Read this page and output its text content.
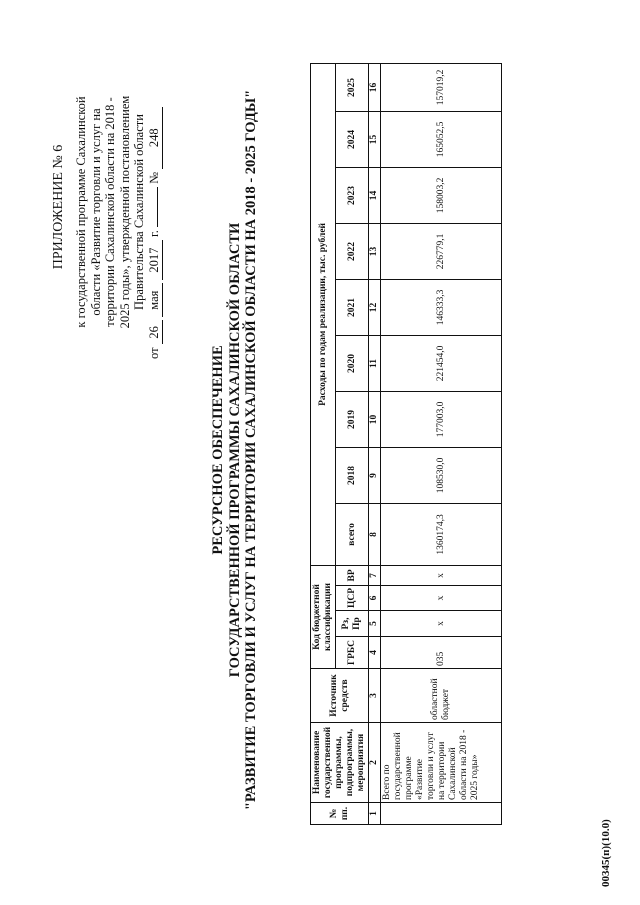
ПРИЛОЖЕНИЕ № 6 к государственной программе Сахалинской области «Развитие торговли и услуг на территории Сахалинской области на 2018 - 2025 годы», утвержденной постановлением Правительства Сахалинской области
от 26 мая 2017 г.  № 248
РЕСУРСНОЕ ОБЕСПЕЧЕНИЕ ГОСУДАРСТВЕННОЙ ПРОГРАММЫ САХАЛИНСКОЙ ОБЛАСТИ "РАЗВИТИЕ ТОРГОВЛИ И УСЛУГ НА ТЕРРИТОРИИ САХАЛИНСКОЙ ОБЛАСТИ НА 2018 - 2025 ГОДЫ"
№ пп.	Наименование государственной программы, подпрограммы, мероприятия	Источник средств	Код бюджетной классификации				Расходы по годам реализации, тыс. рублей								
			ГРБС	Рз, Пр	ЦСР	ВР	всего	2018	2019	2020	2021	2022	2023	2024	2025

1	2	3	4	5	6	7	8	9	10	11	12	13	14	15	16
	Всего по государственной программе «Развитие торговли и услуг на территории Сахалинской области на 2018 - 2025 годы»	областной бюджет	035	x	x	x	1360174,3	108530,0	177003,0	221454,0	146333,3	226779,1	158003,2	165052,5	157019,2
00345(п)(10.0)
